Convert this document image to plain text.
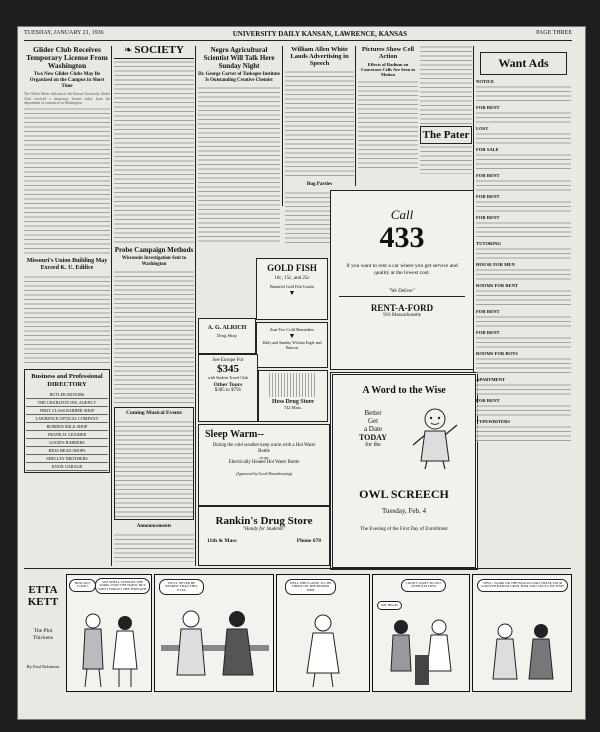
TUESDAY, JANUARY 21, 1936	UNIVERSITY DAILY KANSAN, LAWRENCE, KANSAS	PAGE THREE
Glider Club Receives Temporary License From Washington
Two New Glider Clubs May Be Organized on the Campus in Short Time
The Glider Meets division of the Kansas University Glider Club received a temporary license today from the department of commerce in Washington.
Missouri's Union Building May Exceed K. U. Edifice
Business and Professional DIRECTORY
BUTLER MOTORS
THE CHARLTON INS. AGENCY
FIRST CLASS BARBER SHOP
LAWRENCE OPTICAL COMPANY
BORDEN MILK SHOP
FRANK H. LEIGHER
GOOD'S BARBERS
HESS HEAD SHOPS
SHELLEY BROTHERS
KNOX GARAGE
❧ SOCIETY
Probe Campaign Methods
Wisconsin Investigation Sent to Washington
Coming Musical Events
Announcements
Negro Agricultural Scientist Will Talk Here Sunday Night
Dr. George Carver of Tuskegee Institute Is Outstanding Creative Chemist
GOLD FISH
10c, 15c, and 25c
Beautiful Gold Fish Combs
▼
Sun-Tex Cold Remedies
▼
Daily and Sunday Wichita Eagle and Beacon
A. G. ALRICH
Drug Shop
See Europe For
$345
with Student Travel Club
Other Tours
$385 to $795
Hess Drug Store
742 Mass.
William Allen White Lauds Advertising in Speech
Bug Parsles
Sleep Warm--
During the cold weather keep warm with a Hot Water Bottle
or an
Electrically Heated Hot Water Bottle
(Approved by Good Housekeeping)
Rankin's Drug Store
"Handy for Students"
11th & Mass	Phone 678
Pictures Show Cell Action
Effects of Radium on Cancerous Cells Are Seen in Motion
The Pater
Call
433
if you want to rent a car where you get service and quality at the lowest cost.
"We Deliver"
RENT-A-FORD
916 Massachusetts
A Word to the Wise
Better
Get
a Date
TODAY
for the
OWL SCREECH
Tuesday, Feb. 4
The Evening of the First Day of Enrollment
Want Ads
NOTICE
FOR RENT
LOST
FOR SALE
FOR RENT
FOR RENT
FOR RENT
TUTORING
HOUSE FOR MEN
ROOMS FOR RENT
FOR RENT
FOR RENT
ROOMS FOR BOYS
APARTMENT
FOR RENT
TYPEWRITERS
ETTA KETT
The Plot Thickens
By Paul Robinson
HOW DO I LOOK?
GEE SHELL-SUPPOSE THE WORK WON'T BE HARD, BUT DON'T FORGET THE THOUGHT
WE'LL NEVER BE NEARER THAN THIS, ETTA
WELL SHE'S GONE, I'LL BE THERE ON THE PROPER TIME
I DON'T WANT TO GET OVER EXCITED
OH, DEAR!
WELL, WORK ON THE BLOCKS AND CHASE YOUR CONCENTRATION UPON THAT AND YOU'LL BE FINE!
